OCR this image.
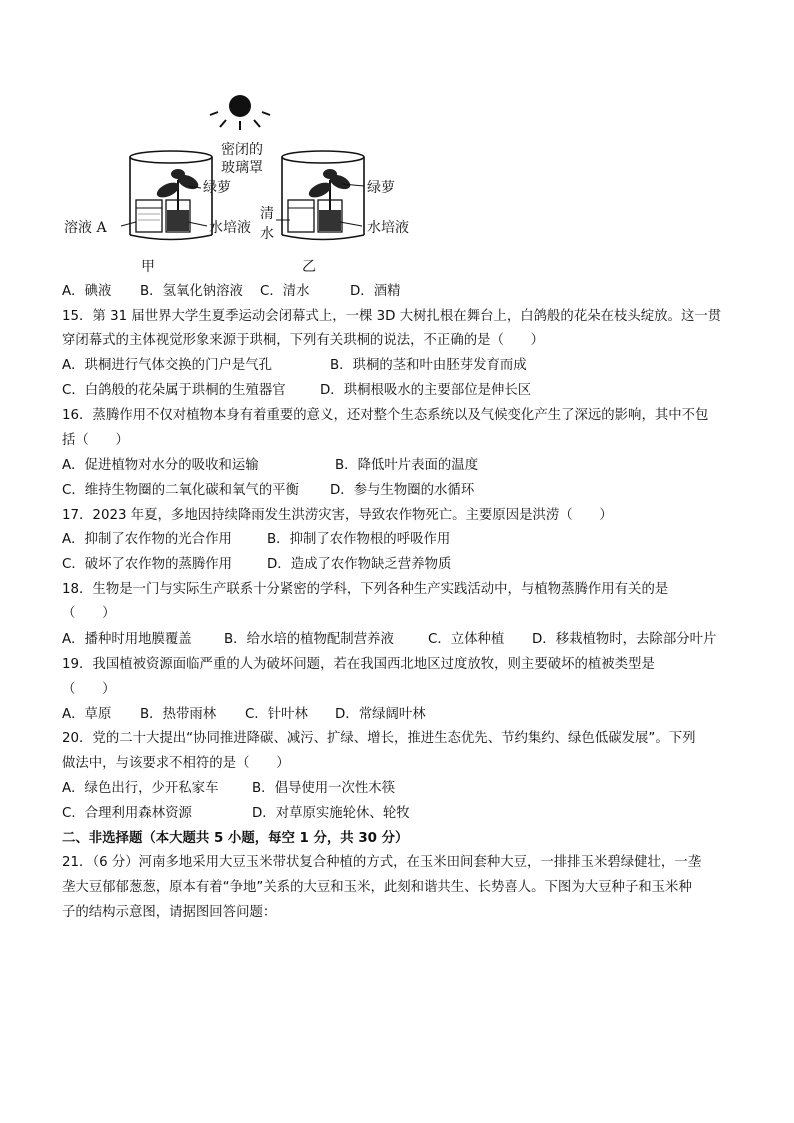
密闭的
玻璃罩
绿萝
溶液 A	水培液
清
水
绿萝
水培液
甲	乙
A．碘液 B．氢氧化钠溶液 C．清水	D．酒精
15．第 31 届世界大学生夏季运动会闭幕式上，一棵 3D 大树扎根在舞台上，白鸽般的花朵在枝头绽放。这一贯
穿闭幕式的主体视觉形象来源于珙桐，下列有关珙桐的说法，不正确的是（　　）
A．珙桐进行气体交换的门户是气孔	B．珙桐的茎和叶由胚芽发育而成
C．白鸽般的花朵属于珙桐的生殖器官	D．珙桐根吸水的主要部位是伸长区
16．蒸腾作用不仅对植物本身有着重要的意义，还对整个生态系统以及气候变化产生了深远的影响，其中不包
括（　　）
A．促进植物对水分的吸收和运输	B．降低叶片表面的温度
C．维持生物圈的二氧化碳和氧气的平衡 D．参与生物圈的水循环
17．2023 年夏，多地因持续降雨发生洪涝灾害，导致农作物死亡。主要原因是洪涝（　　）
A．抑制了农作物的光合作用	B．抑制了农作物根的呼吸作用
C．破坏了农作物的蒸腾作用	D．造成了农作物缺乏营养物质
18．生物是一门与实际生产联系十分紧密的学科，下列各种生产实践活动中，与植物蒸腾作用有关的是
（　　）
A．播种时用地膜覆盖 B．给水培的植物配制营养液	C．立体种植 D．移栽植物时，去除部分叶片
19．我国植被资源面临严重的人为破坏问题，若在我国西北地区过度放牧，则主要破坏的植被类型是
（　　）
A．草原 B．热带雨林 C．针叶林 D．常绿阔叶林
20．党的二十大提出“协同推进降碳、减污、扩绿、增长，推进生态优先、节约集约、绿色低碳发展”。下列
做法中，与该要求不相符的是（　　）
A．绿色出行，少开私家车	B．倡导使用一次性木筷
C．合理利用森林资源	D．对草原实施轮休、轮牧
二、非选择题（本大题共 5 小题，每空 1 分，共 30 分）
21．（6 分）河南多地采用大豆玉米带状复合种植的方式，在玉米田间套种大豆，一排排玉米碧绿健壮，一垄
垄大豆郁郁葱葱，原本有着“争地”关系的大豆和玉米，此刻和谐共生、长势喜人。下图为大豆种子和玉米种
子的结构示意图，请据图回答问题：
